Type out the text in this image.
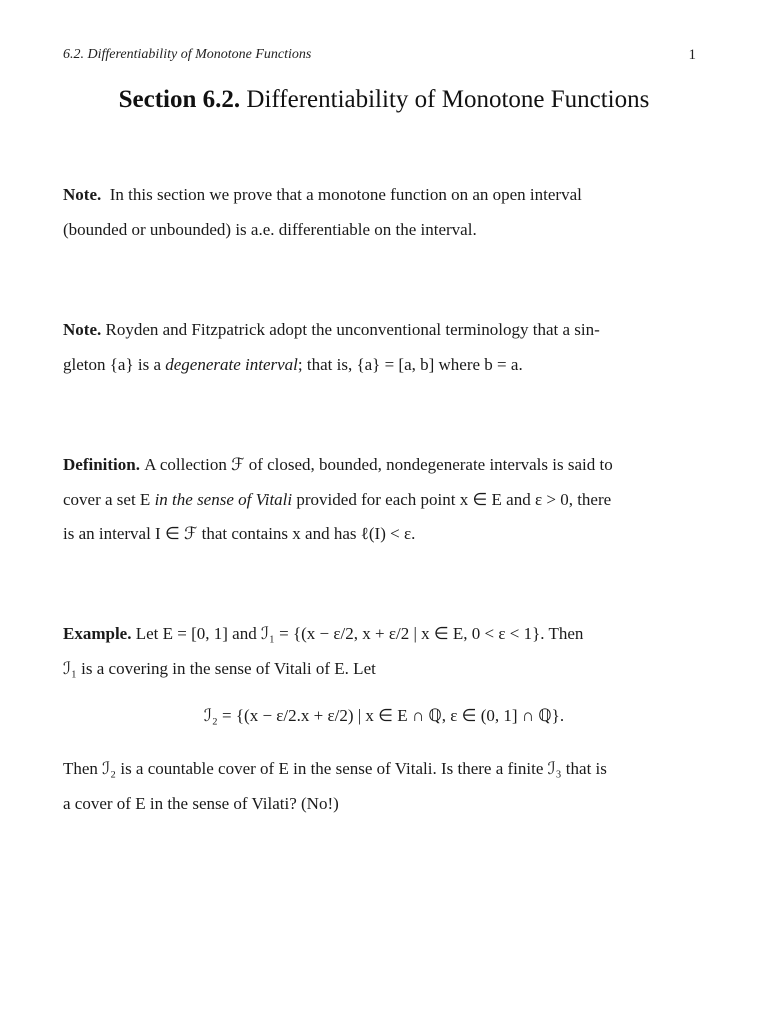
6.2. Differentiability of Monotone Functions	1
Section 6.2. Differentiability of Monotone Functions
Note. In this section we prove that a monotone function on an open interval
(bounded or unbounded) is a.e. differentiable on the interval.
Note. Royden and Fitzpatrick adopt the unconventional terminology that a sin-
gleton {a} is a degenerate interval; that is, {a} = [a, b] where b = a.
Definition. A collection ℱ of closed, bounded, nondegenerate intervals is said to
cover a set E in the sense of Vitali provided for each point x ∈ E and ε > 0, there
is an interval I ∈ ℱ that contains x and has ℓ(I) < ε.
Example. Let E = [0, 1] and ℐ₁ = {(x − ε/2, x + ε/2 | x ∈ E, 0 < ε < 1}. Then
ℐ₁ is a covering in the sense of Vitali of E. Let
ℐ₂ = {(x − ε/2.x + ε/2) | x ∈ E ∩ ℚ, ε ∈ (0, 1] ∩ ℚ}.
Then ℐ₂ is a countable cover of E in the sense of Vitali. Is there a finite ℐ₃ that is
a cover of E in the sense of Vilati? (No!)
